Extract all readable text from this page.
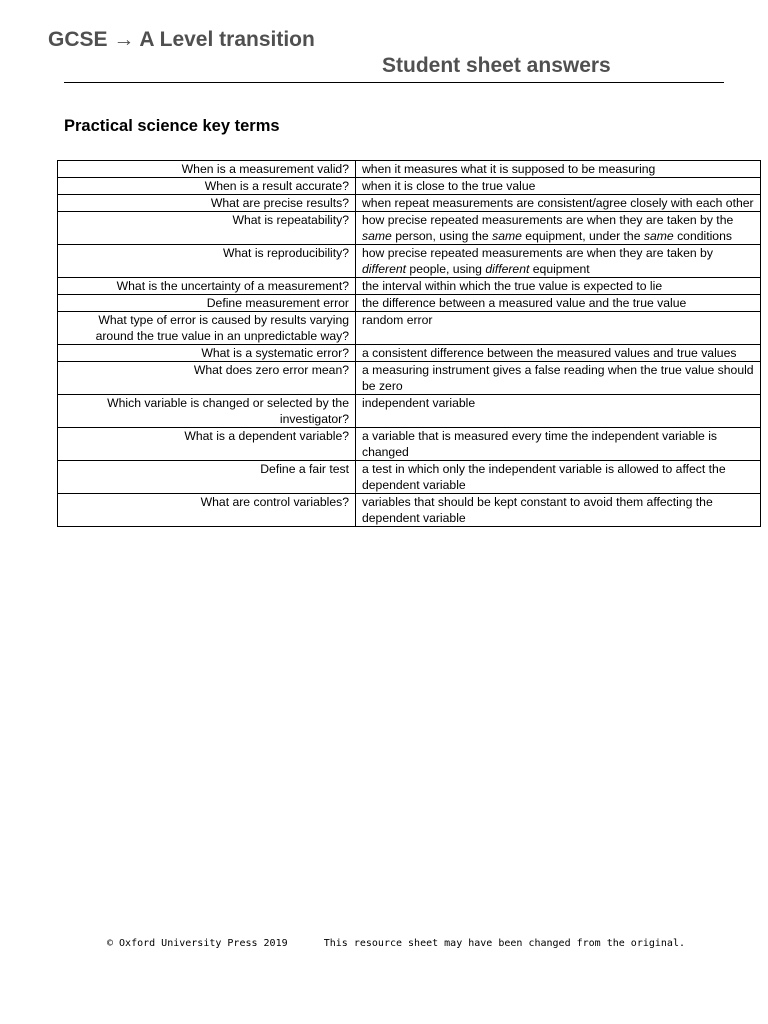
GCSE → A Level transition
Student sheet answers
Practical science key terms
When is a measurement valid?	when it measures what it is supposed to be measuring
When is a result accurate?	when it is close to the true value
What are precise results?	when repeat measurements are consistent/agree closely with each other
What is repeatability?	how precise repeated measurements are when they are taken by the same person, using the same equipment, under the same conditions
What is reproducibility?	how precise repeated measurements are when they are taken by different people, using different equipment
What is the uncertainty of a measurement?	the interval within which the true value is expected to lie
Define measurement error	the difference between a measured value and the true value
What type of error is caused by results varying around the true value in an unpredictable way?	random error
What is a systematic error?	a consistent difference between the measured values and true values
What does zero error mean?	a measuring instrument gives a false reading when the true value should be zero
Which variable is changed or selected by the investigator?	independent variable
What is a dependent variable?	a variable that is measured every time the independent variable is changed
Define a fair test	a test in which only the independent variable is allowed to affect the dependent variable
What are control variables?	variables that should be kept constant to avoid them affecting the dependent variable
© Oxford University Press 2019	This resource sheet may have been changed from the original.
